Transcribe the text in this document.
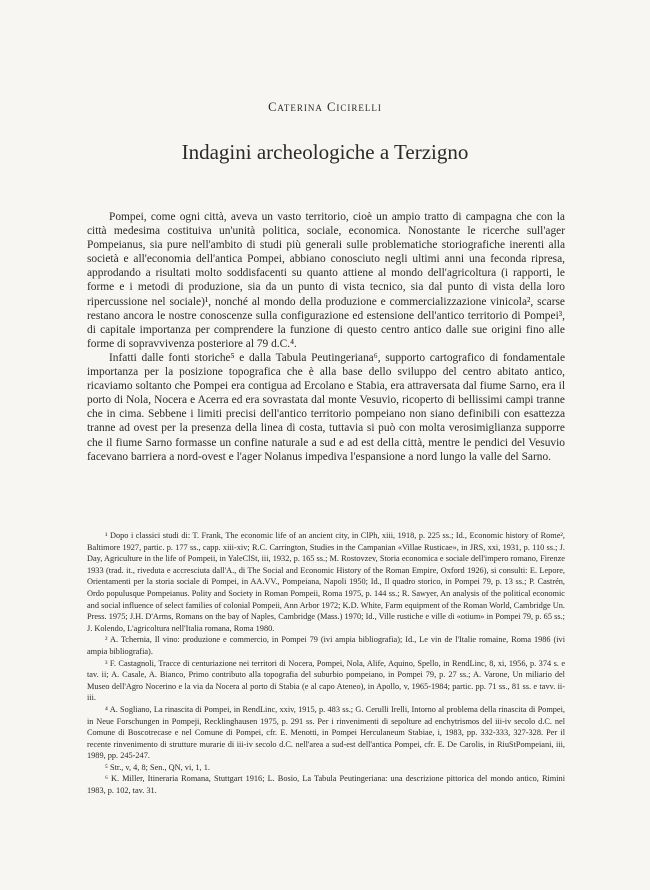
Caterina Cicirelli
Indagini archeologiche a Terzigno

Pompei, come ogni città, aveva un vasto territorio, cioè un ampio tratto di campagna che con la città medesima costituiva un'unità politica, sociale, economica. Nonostante le ricerche sull'ager Pompeianus, sia pure nell'ambito di studi più generali sulle problematiche storiografiche inerenti alla società e all'economia dell'antica Pompei, abbiano conosciuto negli ultimi anni una feconda ripresa, approdando a risultati molto soddisfacenti su quanto attiene al mondo dell'agricoltura (i rapporti, le forme e i metodi di produzione, sia da un punto di vista tecnico, sia dal punto di vista della loro ripercussione nel sociale)¹, nonché al mondo della produzione e commercializzazione vinicola², scarse restano ancora le nostre conoscenze sulla configurazione ed estensione dell'antico territorio di Pompei³, di capitale importanza per comprendere la funzione di questo centro antico dalle sue origini fino alle forme di sopravvivenza posteriore al 79 d.C.⁴.

Infatti dalle fonti storiche⁵ e dalla Tabula Peutingeriana⁶, supporto cartografico di fondamentale importanza per la posizione topografica che è alla base dello sviluppo del centro abitato antico, ricaviamo soltanto che Pompei era contigua ad Ercolano e Stabia, era attraversata dal fiume Sarno, era il porto di Nola, Nocera e Acerra ed era sovrastata dal monte Vesuvio, ricoperto di bellissimi campi tranne che in cima. Sebbene i limiti precisi dell'antico territorio pompeiano non siano definibili con esattezza tranne ad ovest per la presenza della linea di costa, tuttavia si può con molta verosimiglianza supporre che il fiume Sarno formasse un confine naturale a sud e ad est della città, mentre le pendici del Vesuvio facevano barriera a nord-ovest e l'ager Nolanus impediva l'espansione a nord lungo la valle del Sarno.

¹ Dopo i classici studi di: T. Frank, The economic life of an ancient city, in ClPh, xiii, 1918, p. 225 ss.; Id., Economic history of Rome², Baltimore 1927, partic. p. 177 ss., capp. xiii-xiv; R.C. Carrington, Studies in the Campanian «Villae Rusticae», in JRS, xxi, 1931, p. 110 ss.; J. Day, Agriculture in the life of Pompeii, in YaleClSt, iii, 1932, p. 165 ss.; M. Rostovzev, Storia economica e sociale dell'impero romano, Firenze 1933 (trad. it., riveduta e accresciuta dall'A., di The Social and Economic History of the Roman Empire, Oxford 1926), si consulti: E. Lepore, Orientamenti per la storia sociale di Pompei, in AA.VV., Pompeiana, Napoli 1950; Id., Il quadro storico, in Pompei 79, p. 13 ss.; P. Castrén, Ordo populusque Pompeianus. Polity and Society in Roman Pompeii, Roma 1975, p. 144 ss.; R. Sawyer, An analysis of the political economic and social influence of select families of colonial Pompeii, Ann Arbor 1972; K.D. White, Farm equipment of the Roman World, Cambridge Un. Press. 1975; J.H. D'Arms, Romans on the bay of Naples, Cambridge (Mass.) 1970; Id., Ville rustiche e ville di «otium» in Pompei 79, p. 65 ss.; J. Kolendo, L'agricoltura nell'Italia romana, Roma 1980.

² A. Tchernia, Il vino: produzione e commercio, in Pompei 79 (ivi ampia bibliografia); Id., Le vin de l'Italie romaine, Roma 1986 (ivi ampia bibliografia).

³ F. Castagnoli, Tracce di centuriazione nei territori di Nocera, Pompei, Nola, Alife, Aquino, Spello, in RendLinc, 8, xi, 1956, p. 374 s. e tav. ii; A. Casale, A. Bianco, Primo contributo alla topografia del suburbio pompeiano, in Pompei 79, p. 27 ss.; A. Varone, Un miliario del Museo dell'Agro Nocerino e la via da Nocera al porto di Stabia (e al capo Ateneo), in Apollo, v, 1965-1984; partic. pp. 71 ss., 81 ss. e tavv. ii-iii.

⁴ A. Sogliano, La rinascita di Pompei, in RendLinc, xxiv, 1915, p. 483 ss.; G. Cerulli Irelli, Intorno al problema della rinascita di Pompei, in Neue Forschungen in Pompeji, Recklinghausen 1975, p. 291 ss. Per i rinvenimenti di sepolture ad enchytrismos del iii-iv secolo d.C. nel Comune di Boscotrecase e nel Comune di Pompei, cfr. E. Menotti, in Pompei Herculaneum Stabiae, i, 1983, pp. 332-333, 327-328. Per il recente rinvenimento di strutture murarie di iii-iv secolo d.C. nell'area a sud-est dell'antica Pompei, cfr. E. De Carolis, in RiuStPompeiani, iii, 1989, pp. 245-247.

⁵ Str., v, 4, 8; Sen., QN, vi, 1, 1.

⁶ K. Miller, Itineraria Romana, Stuttgart 1916; L. Bosio, La Tabula Peutingeriana: una descrizione pittorica del mondo antico, Rimini 1983, p. 102, tav. 31.
